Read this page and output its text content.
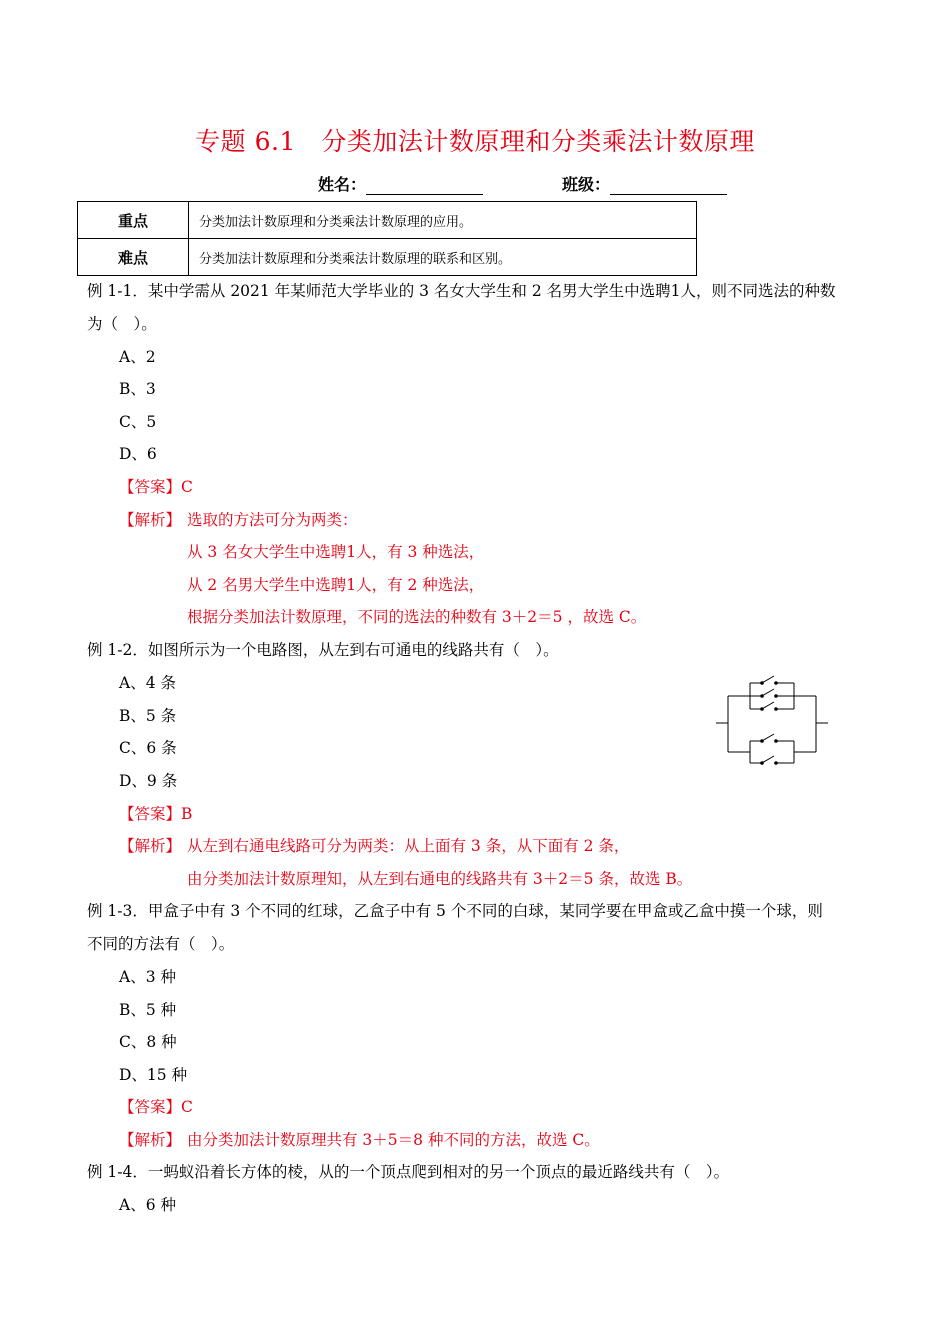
专题 6.1　分类加法计数原理和分类乘法计数原理
姓名：	班级：
重点	分类加法计数原理和分类乘法计数原理的应用。
难点	分类加法计数原理和分类乘法计数原理的联系和区别。
例 1-1．某中学需从 2021 年某师范大学毕业的 3 名女大学生和 2 名男大学生中选聘1人，则不同选法的种数
为（　）。
A、2
B、3
C、5
D、6
【答案】C
【解析】 选取的方法可分为两类：
从 3 名女大学生中选聘1人，有 3 种选法，
从 2 名男大学生中选聘1人，有 2 种选法，
根据分类加法计数原理，不同的选法的种数有 3＋2＝5 ，故选 C。
例 1-2．如图所示为一个电路图，从左到右可通电的线路共有（　）。
A、4 条
B、5 条
C、6 条
D、9 条
【答案】B
【解析】 从左到右通电线路可分为两类：从上面有 3 条，从下面有 2 条，
由分类加法计数原理知，从左到右通电的线路共有 3＋2＝5 条，故选 B。
例 1-3．甲盒子中有 3 个不同的红球，乙盒子中有 5 个不同的白球，某同学要在甲盒或乙盒中摸一个球，则
不同的方法有（　）。
A、3 种
B、5 种
C、8 种
D、15 种
【答案】C
【解析】 由分类加法计数原理共有 3＋5＝8 种不同的方法，故选 C。
例 1-4．一蚂蚁沿着长方体的棱，从的一个顶点爬到相对的另一个顶点的最近路线共有（　）。
A、6 种
